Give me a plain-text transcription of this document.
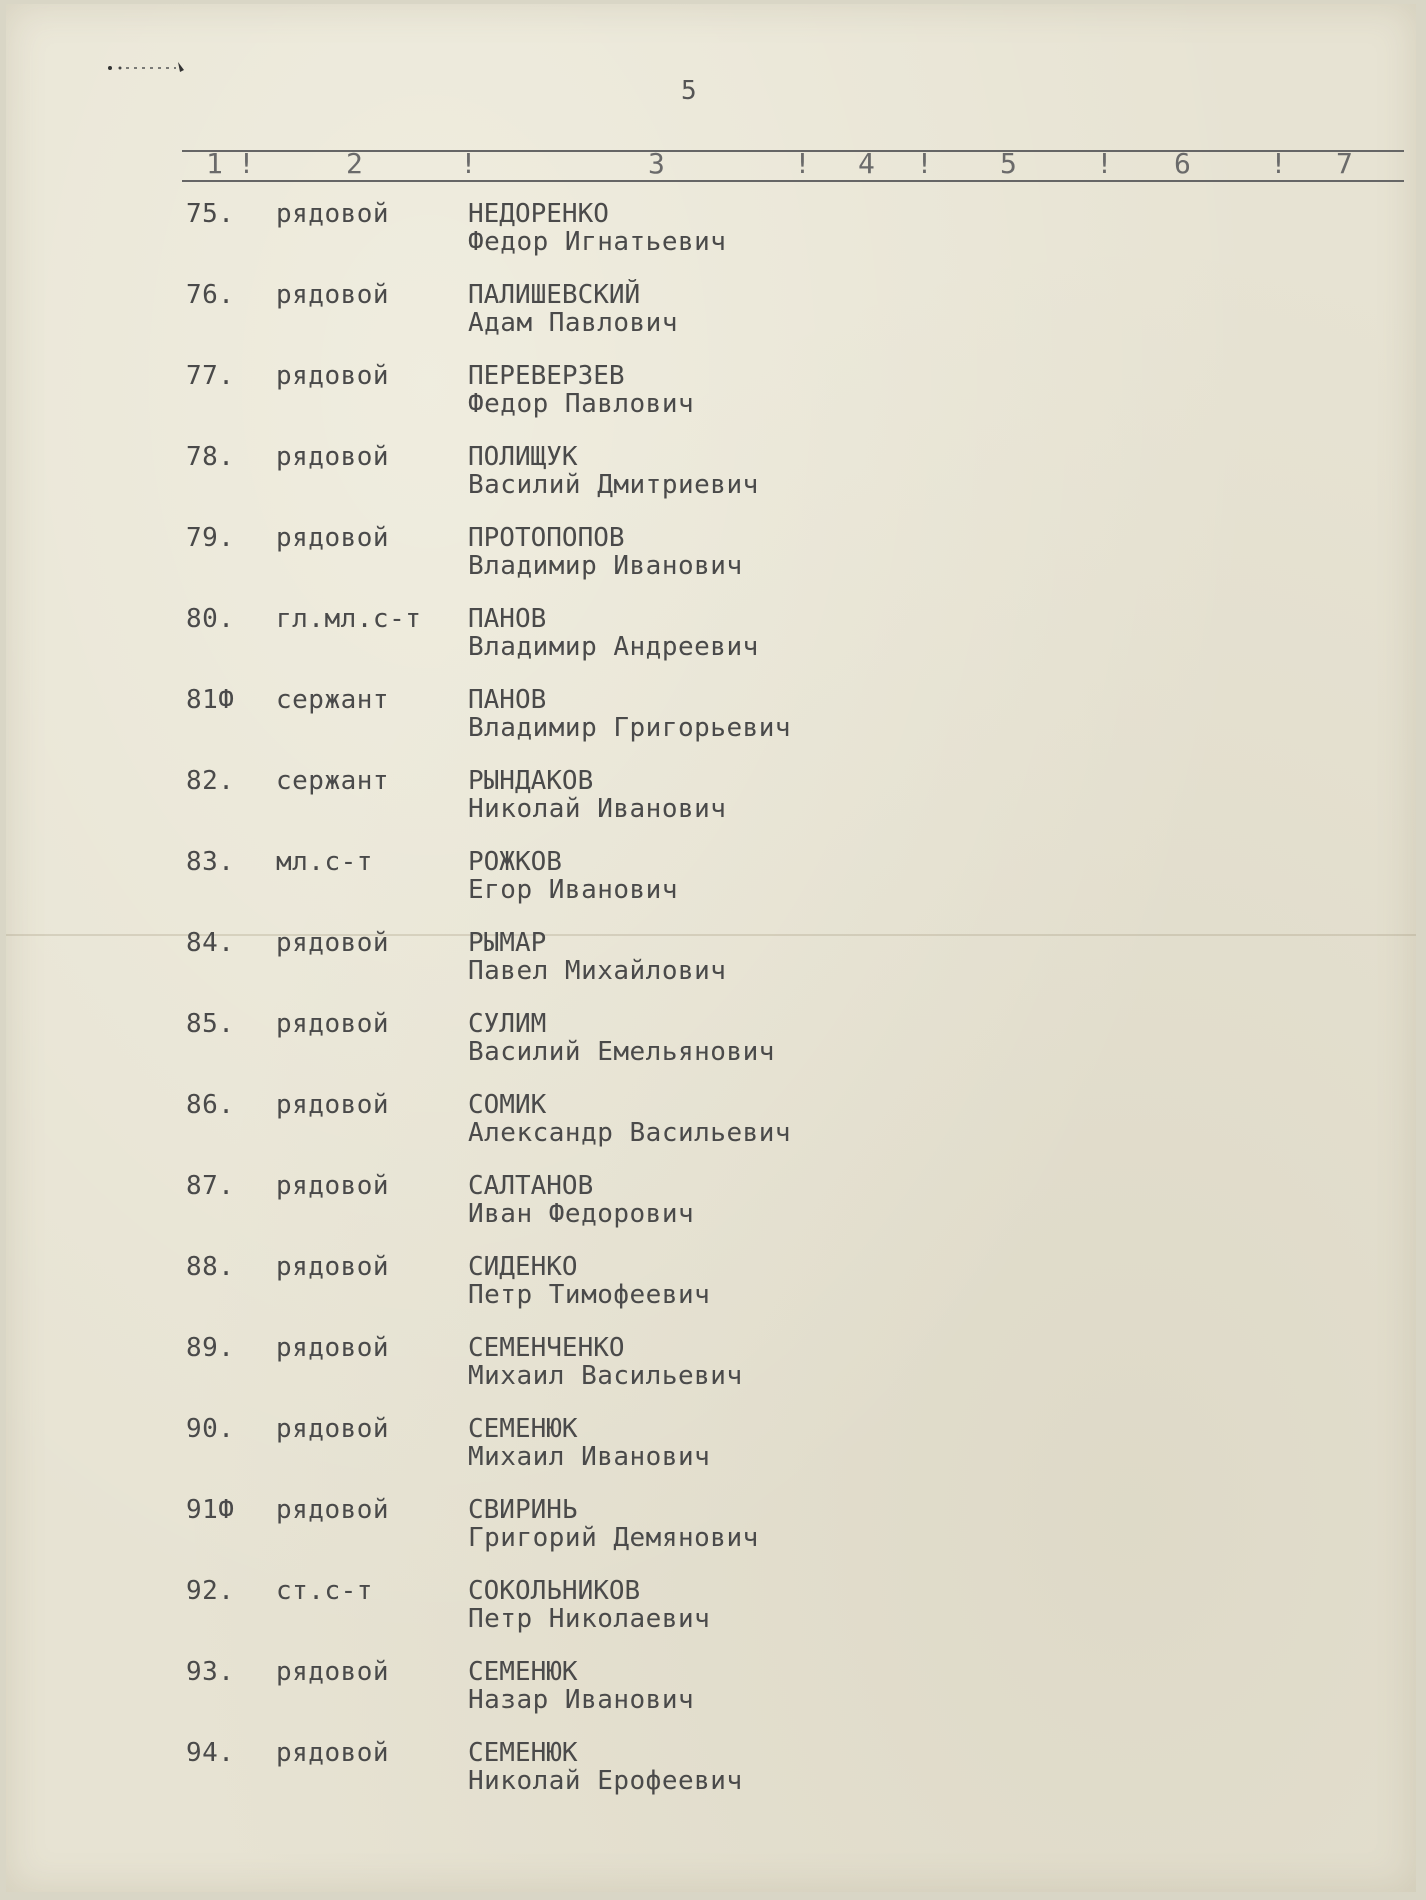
5
1 !	2	!	3	! 4 ! 5	! 6	! 7
75. рядовой	НЕДОРЕНКО
Федор Игнатьевич
76. рядовой	ПАЛИШЕВСКИЙ
Адам Павлович
77. рядовой	ПЕРЕВЕРЗЕВ
Федор Павлович
78. рядовой	ПОЛИЩУК
Василий Дмитриевич
79. рядовой	ПРОТОПОПОВ
Владимир Иванович
80. гл.мл.с-т ПАНОВ
Владимир Андреевич
81Ф сержант	ПАНОВ
Владимир Григорьевич
82. сержант	РЫНДАКОВ
Николай Иванович
83. мл.с-т	РОЖКОВ
Егор Иванович
84. рядовой	РЫМАР
Павел Михайлович
85. рядовой	СУЛИМ
Василий Емельянович
86. рядовой	СОМИК
Александр Васильевич
87. рядовой	САЛТАНОВ
Иван Федорович
88. рядовой	СИДЕНКО
Петр Тимофеевич
89. рядовой	СЕМЕНЧЕНКО
Михаил Васильевич
90. рядовой	СЕМЕНЮК
Михаил Иванович
91Ф рядовой	СВИРИНЬ
Григорий Демянович
92. ст.с-т	СОКОЛЬНИКОВ
Петр Николаевич
93. рядовой	СЕМЕНЮК
Назар Иванович
94. рядовой	СЕМЕНЮК
Николай Ерофеевич
